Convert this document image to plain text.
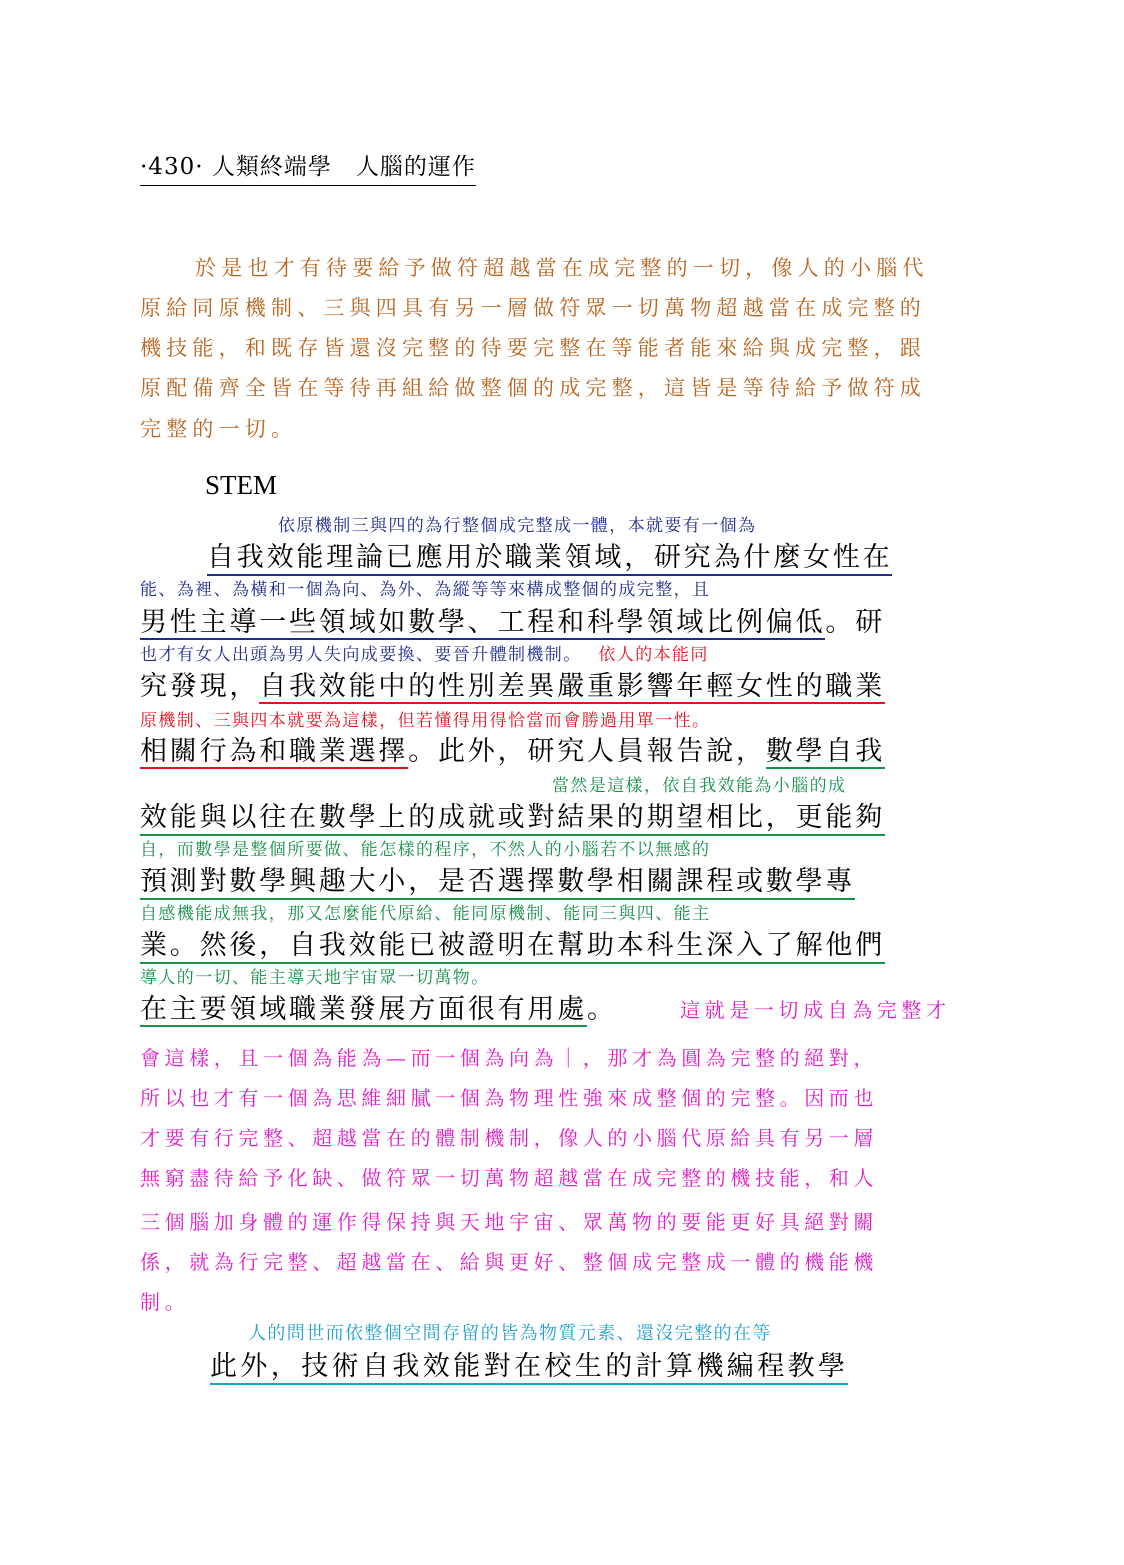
·430· 人類終端學　人腦的運作
於是也才有待要給予做符超越當在成完整的一切，像人的小腦代
原給同原機制、三與四具有另一層做符眾一切萬物超越當在成完整的
機技能，和既存皆還沒完整的待要完整在等能者能來給與成完整，跟
原配備齊全皆在等待再組給做整個的成完整，這皆是等待給予做符成
完整的一切。
STEM
依原機制三與四的為行整個成完整成一體，本就要有一個為
自我效能理論已應用於職業領域，研究為什麼女性在
能、為裡、為橫和一個為向、為外、為縱等等來構成整個的成完整，且
男性主導一些領域如數學、工程和科學領域比例偏低。研
也才有女人出頭為男人失向成要換、要晉升體制機制。 依人的本能同
究發現，自我效能中的性別差異嚴重影響年輕女性的職業
原機制、三與四本就要為這樣，但若懂得用得恰當而會勝過用單一性。
相關行為和職業選擇。此外，研究人員報告說，數學自我
當然是這樣，依自我效能為小腦的成
效能與以往在數學上的成就或對結果的期望相比，更能夠
自，而數學是整個所要做、能怎樣的程序，不然人的小腦若不以無感的
預測對數學興趣大小，是否選擇數學相關課程或數學專
自感機能成無我，那又怎麼能代原給、能同原機制、能同三與四、能主
業。然後，自我效能已被證明在幫助本科生深入了解他們
導人的一切、能主導天地宇宙眾一切萬物。
在主要領域職業發展方面很有用處。	這就是一切成自為完整才
會這樣，且一個為能為—而一個為向為｜，那才為圓為完整的絕對，
所以也才有一個為思維細膩一個為物理性強來成整個的完整。因而也
才要有行完整、超越當在的體制機制，像人的小腦代原給具有另一層
無窮盡待給予化缺、做符眾一切萬物超越當在成完整的機技能，和人
三個腦加身體的運作得保持與天地宇宙、眾萬物的要能更好具絕對關
係，就為行完整、超越當在、給與更好、整個成完整成一體的機能機
制。
人的問世而依整個空間存留的皆為物質元素、還沒完整的在等
此外，技術自我效能對在校生的計算機編程教學
